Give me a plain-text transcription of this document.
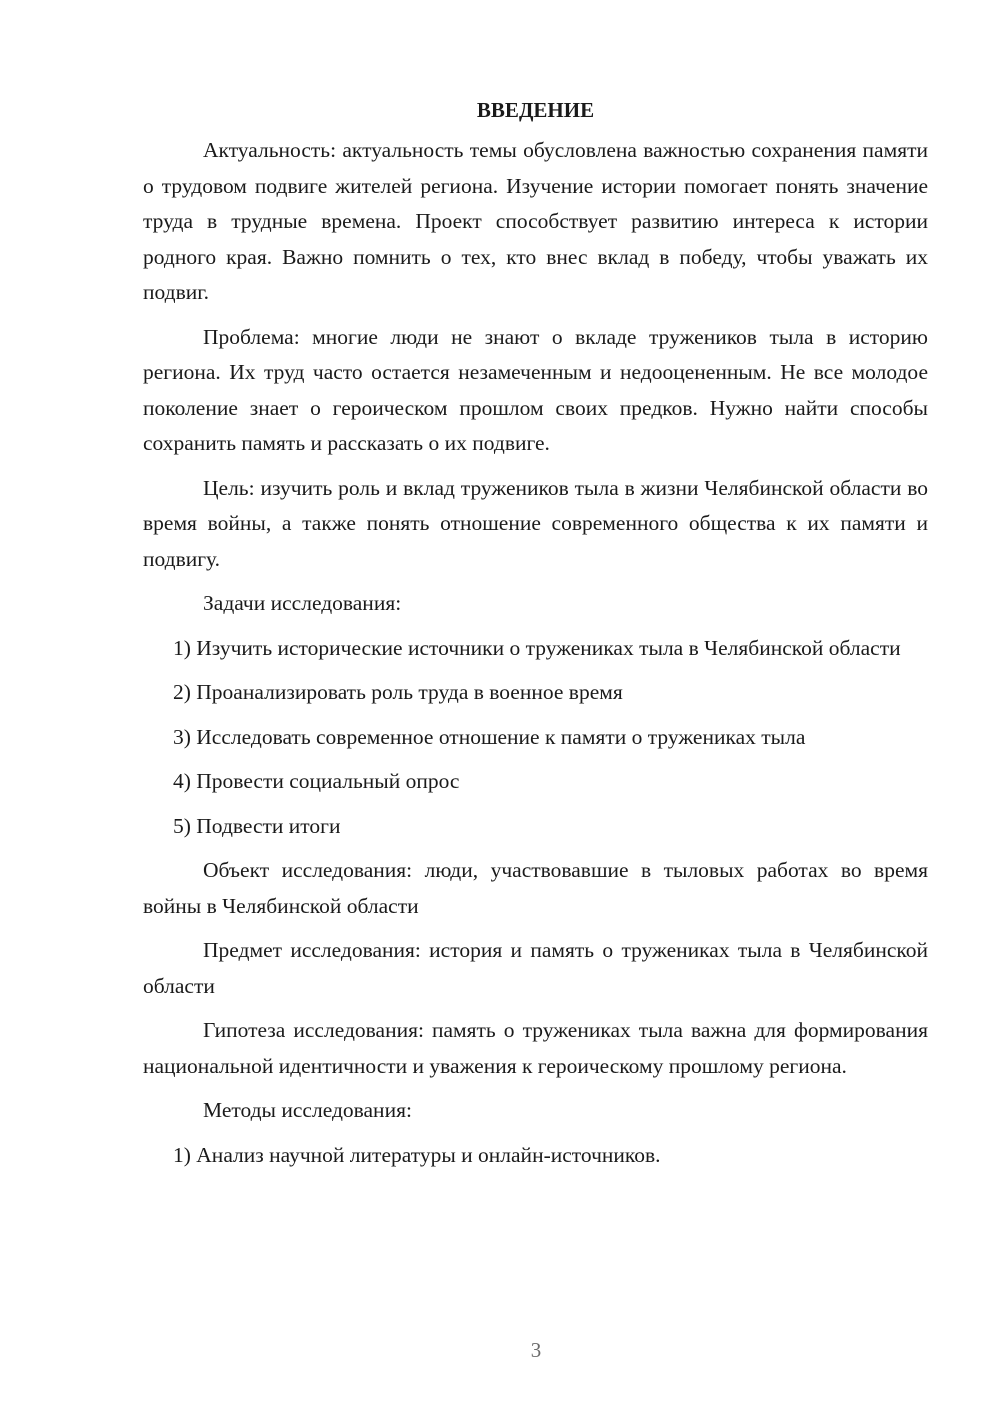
ВВЕДЕНИЕ

Актуальность: актуальность темы обусловлена важностью сохранения памяти о трудовом подвиге жителей региона. Изучение истории помогает понять значение труда в трудные времена. Проект способствует развитию интереса к истории родного края. Важно помнить о тех, кто внес вклад в победу, чтобы уважать их подвиг.

Проблема: многие люди не знают о вкладе тружеников тыла в историю региона. Их труд часто остается незамеченным и недооцененным. Не все молодое поколение знает о героическом прошлом своих предков. Нужно найти способы сохранить память и рассказать о их подвиге.

Цель: изучить роль и вклад тружеников тыла в жизни Челябинской области во время войны, а также понять отношение современного общества к их памяти и подвигу.

Задачи исследования:

1) Изучить исторические источники о тружениках тыла в Челябинской области

2) Проанализировать роль труда в военное время

3) Исследовать современное отношение к памяти о тружениках тыла

4) Провести социальный опрос

5) Подвести итоги

Объект исследования: люди, участвовавшие в тыловых работах во время войны в Челябинской области

Предмет исследования: история и память о тружениках тыла в Челябинской области

Гипотеза исследования: память о тружениках тыла важна для формирования национальной идентичности и уважения к героическому прошлому региона.

Методы исследования:

1) Анализ научной литературы и онлайн-источников.

3
